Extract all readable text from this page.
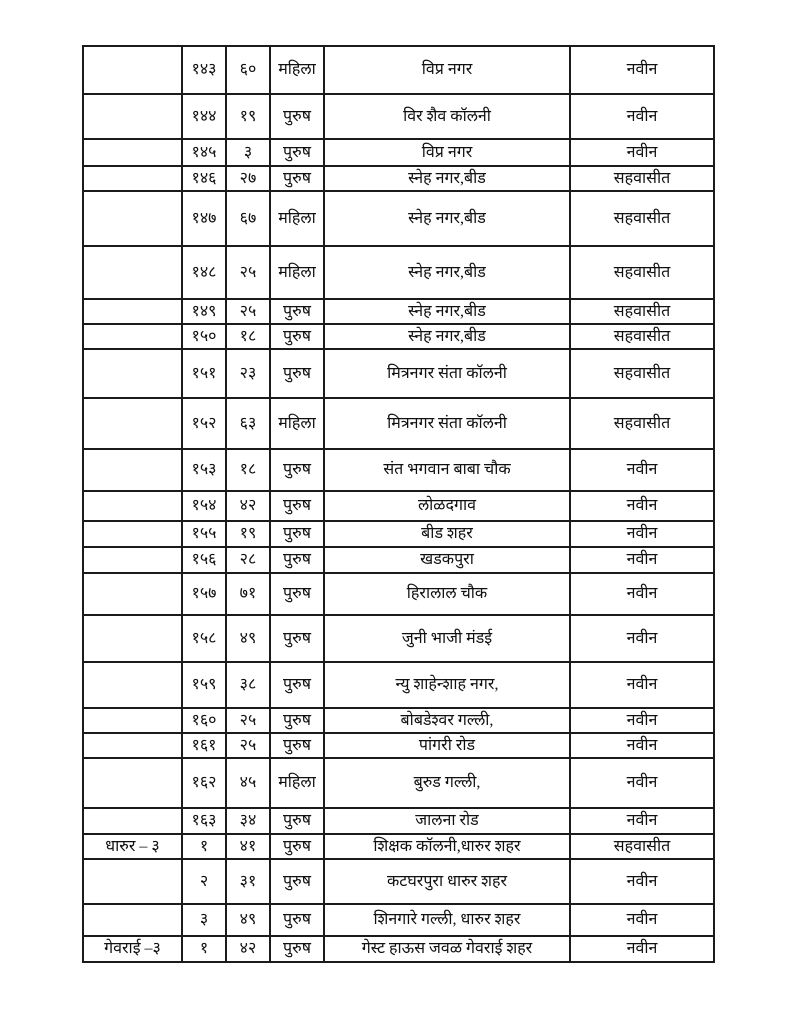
	१४३	६०	महिला	विप्र नगर	नवीन
	१४४	१९	पुरुष	विर शैव कॉलनी	नवीन
	१४५	३	पुरुष	विप्र नगर	नवीन
	१४६	२७	पुरुष	स्नेह नगर,बीड	सहवासीत
	१४७	६७	महिला	स्नेह नगर,बीड	सहवासीत
	१४८	२५	महिला	स्नेह नगर,बीड	सहवासीत
	१४९	२५	पुरुष	स्नेह नगर,बीड	सहवासीत
	१५०	१८	पुरुष	स्नेह नगर,बीड	सहवासीत
	१५१	२३	पुरुष	मित्रनगर संता कॉलनी	सहवासीत
	१५२	६३	महिला	मित्रनगर संता कॉलनी	सहवासीत
	१५३	१८	पुरुष	संत भगवान बाबा चौक	नवीन
	१५४	४२	पुरुष	लोळदगाव	नवीन
	१५५	१९	पुरुष	बीड शहर	नवीन
	१५६	२८	पुरुष	खडकपुरा	नवीन
	१५७	७१	पुरुष	हिरालाल चौक	नवीन
	१५८	४९	पुरुष	जुनी भाजी मंडई	नवीन
	१५९	३८	पुरुष	न्यु शाहेन्शाह नगर,	नवीन
	१६०	२५	पुरुष	बोबडेश्वर गल्ली,	नवीन
	१६१	२५	पुरुष	पांगरी रोड	नवीन
	१६२	४५	महिला	बुरुड गल्ली,	नवीन
	१६३	३४	पुरुष	जालना रोड	नवीन
धारुर – ३	१	४१	पुरुष	शिक्षक कॉलनी,धारुर शहर	सहवासीत
	२	३१	पुरुष	कटघरपुरा धारुर शहर	नवीन
	३	४९	पुरुष	शिनगारे गल्ली, धारुर शहर	नवीन
गेवराई –३	१	४२	पुरुष	गेस्ट हाऊस जवळ गेवराई शहर	नवीन
